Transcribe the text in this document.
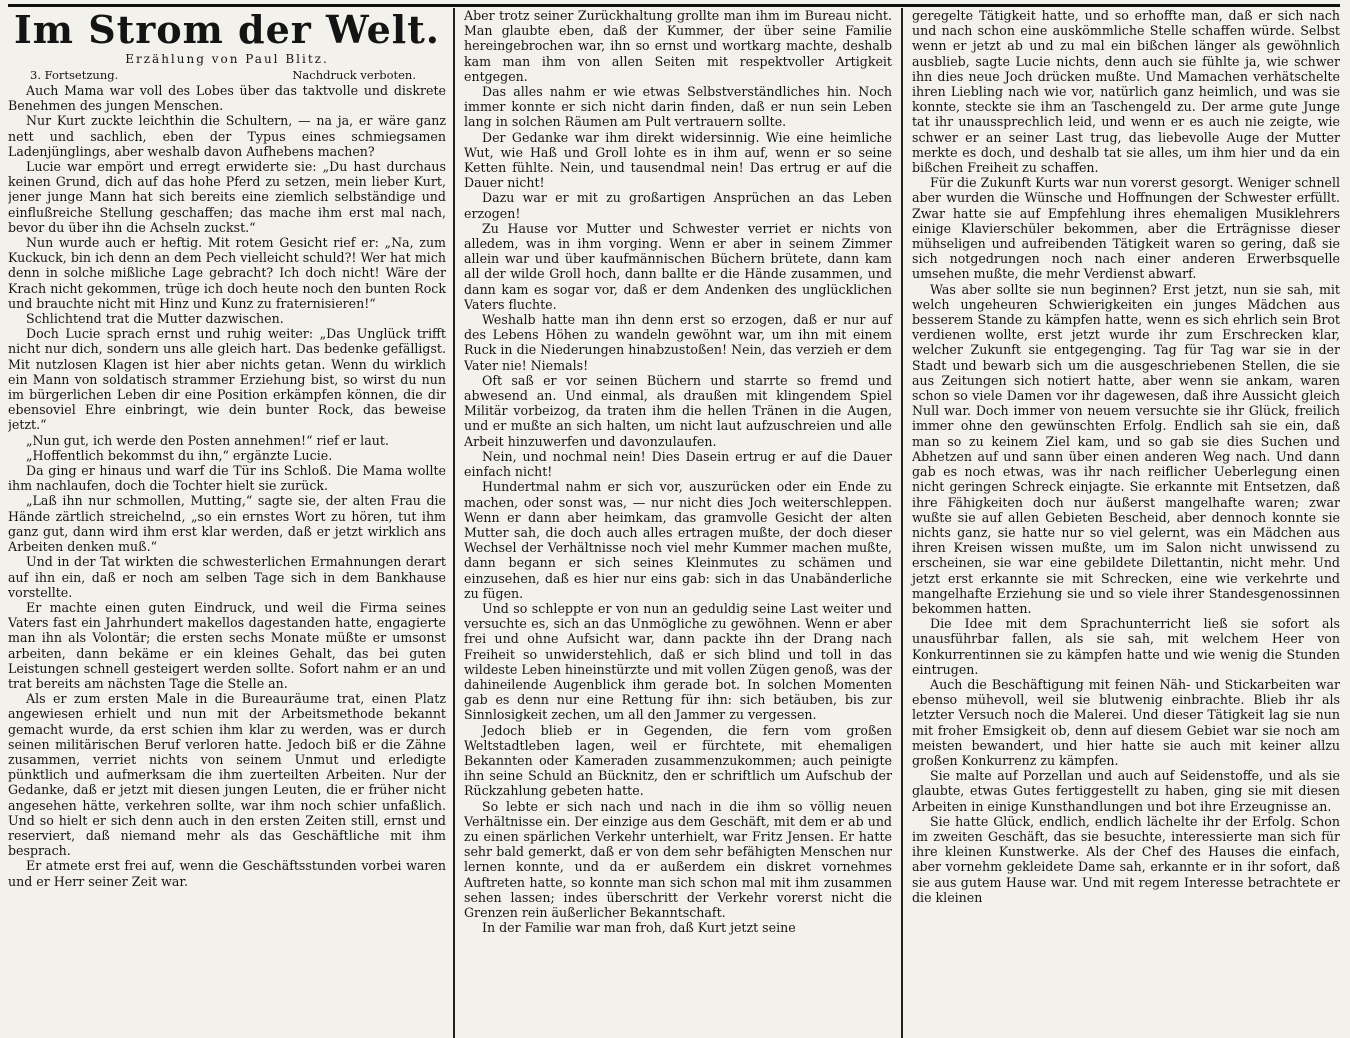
Im Strom der Welt.
Erzählung von Paul Blitz.
3. Fortsetzung.	Nachdruck verboten.

Auch Mama war voll des Lobes über das taktvolle und diskrete Benehmen des jungen Menschen.

Nur Kurt zuckte leichthin die Schultern, — na ja, er wäre ganz nett und sachlich, eben der Typus eines schmiegsamen Ladenjünglings, aber weshalb davon Aufhebens machen?

Lucie war empört und erregt erwiderte sie: „Du hast durchaus keinen Grund, dich auf das hohe Pferd zu setzen, mein lieber Kurt, jener junge Mann hat sich bereits eine ziemlich selbständige und einflußreiche Stellung geschaffen; das mache ihm erst mal nach, bevor du über ihn die Achseln zuckst.“

Nun wurde auch er heftig. Mit rotem Gesicht rief er: „Na, zum Kuckuck, bin ich denn an dem Pech vielleicht schuld?! Wer hat mich denn in solche mißliche Lage gebracht? Ich doch nicht! Wäre der Krach nicht gekommen, trüge ich doch heute noch den bunten Rock und brauchte nicht mit Hinz und Kunz zu fraternisieren!“

Schlichtend trat die Mutter dazwischen.

Doch Lucie sprach ernst und ruhig weiter: „Das Unglück trifft nicht nur dich, sondern uns alle gleich hart. Das bedenke gefälligst. Mit nutzlosen Klagen ist hier aber nichts getan. Wenn du wirklich ein Mann von soldatisch strammer Erziehung bist, so wirst du nun im bürgerlichen Leben dir eine Position erkämpfen können, die dir ebensoviel Ehre einbringt, wie dein bunter Rock, das beweise jetzt.“

„Nun gut, ich werde den Posten annehmen!“ rief er laut.

„Hoffentlich bekommst du ihn,“ ergänzte Lucie.

Da ging er hinaus und warf die Tür ins Schloß. Die Mama wollte ihm nachlaufen, doch die Tochter hielt sie zurück.

„Laß ihn nur schmollen, Mutting,“ sagte sie, der alten Frau die Hände zärtlich streichelnd, „so ein ernstes Wort zu hören, tut ihm ganz gut, dann wird ihm erst klar werden, daß er jetzt wirklich ans Arbeiten denken muß.“

Und in der Tat wirkten die schwesterlichen Ermahnungen derart auf ihn ein, daß er noch am selben Tage sich in dem Bankhause vorstellte.

Er machte einen guten Eindruck, und weil die Firma seines Vaters fast ein Jahrhundert makellos dagestanden hatte, engagierte man ihn als Volontär; die ersten sechs Monate müßte er umsonst arbeiten, dann bekäme er ein kleines Gehalt, das bei guten Leistungen schnell gesteigert werden sollte. Sofort nahm er an und trat bereits am nächsten Tage die Stelle an.

Als er zum ersten Male in die Bureauräume trat, einen Platz angewiesen erhielt und nun mit der Arbeitsmethode bekannt gemacht wurde, da erst schien ihm klar zu werden, was er durch seinen militärischen Beruf verloren hatte. Jedoch biß er die Zähne zusammen, verriet nichts von seinem Unmut und erledigte pünktlich und aufmerksam die ihm zuerteilten Arbeiten. Nur der Gedanke, daß er jetzt mit diesen jungen Leuten, die er früher nicht angesehen hätte, verkehren sollte, war ihm noch schier unfaßlich. Und so hielt er sich denn auch in den ersten Zeiten still, ernst und reserviert, daß niemand mehr als das Geschäftliche mit ihm besprach.

Er atmete erst frei auf, wenn die Geschäftsstunden vorbei waren und er Herr seiner Zeit war.

Aber trotz seiner Zurückhaltung grollte man ihm im Bureau nicht. Man glaubte eben, daß der Kummer, der über seine Familie hereingebrochen war, ihn so ernst und wortkarg machte, deshalb kam man ihm von allen Seiten mit respektvoller Artigkeit entgegen.

Das alles nahm er wie etwas Selbstverständliches hin. Noch immer konnte er sich nicht darin finden, daß er nun sein Leben lang in solchen Räumen am Pult vertrauern sollte.

Der Gedanke war ihm direkt widersinnig. Wie eine heimliche Wut, wie Haß und Groll lohte es in ihm auf, wenn er so seine Ketten fühlte. Nein, und tausendmal nein! Das ertrug er auf die Dauer nicht!

Dazu war er mit zu großartigen Ansprüchen an das Leben erzogen!

Zu Hause vor Mutter und Schwester verriet er nichts von alledem, was in ihm vorging. Wenn er aber in seinem Zimmer allein war und über kaufmännischen Büchern brütete, dann kam all der wilde Groll hoch, dann ballte er die Hände zusammen, und dann kam es sogar vor, daß er dem Andenken des unglücklichen Vaters fluchte.

Weshalb hatte man ihn denn erst so erzogen, daß er nur auf des Lebens Höhen zu wandeln gewöhnt war, um ihn mit einem Ruck in die Niederungen hinabzustoßen! Nein, das verzieh er dem Vater nie! Niemals!

Oft saß er vor seinen Büchern und starrte so fremd und abwesend an. Und einmal, als draußen mit klingendem Spiel Militär vorbeizog, da traten ihm die hellen Tränen in die Augen, und er mußte an sich halten, um nicht laut aufzuschreien und alle Arbeit hinzuwerfen und davonzulaufen.

Nein, und nochmal nein! Dies Dasein ertrug er auf die Dauer einfach nicht!

Hundertmal nahm er sich vor, auszurücken oder ein Ende zu machen, oder sonst was, — nur nicht dies Joch weiterschleppen. Wenn er dann aber heimkam, das gramvolle Gesicht der alten Mutter sah, die doch auch alles ertragen mußte, der doch dieser Wechsel der Verhältnisse noch viel mehr Kummer machen mußte, dann begann er sich seines Kleinmutes zu schämen und einzusehen, daß es hier nur eins gab: sich in das Unabänderliche zu fügen.

Und so schleppte er von nun an geduldig seine Last weiter und versuchte es, sich an das Unmögliche zu gewöhnen. Wenn er aber frei und ohne Aufsicht war, dann packte ihn der Drang nach Freiheit so unwiderstehlich, daß er sich blind und toll in das wildeste Leben hineinstürzte und mit vollen Zügen genoß, was der dahineilende Augenblick ihm gerade bot. In solchen Momenten gab es denn nur eine Rettung für ihn: sich betäuben, bis zur Sinnlosigkeit zechen, um all den Jammer zu vergessen.

Jedoch blieb er in Gegenden, die fern vom großen Weltstadtleben lagen, weil er fürchtete, mit ehemaligen Bekannten oder Kameraden zusammenzukommen; auch peinigte ihn seine Schuld an Bücknitz, den er schriftlich um Aufschub der Rückzahlung gebeten hatte.

So lebte er sich nach und nach in die ihm so völlig neuen Verhältnisse ein. Der einzige aus dem Geschäft, mit dem er ab und zu einen spärlichen Verkehr unterhielt, war Fritz Jensen. Er hatte sehr bald gemerkt, daß er von dem sehr befähigten Menschen nur lernen konnte, und da er außerdem ein diskret vornehmes Auftreten hatte, so konnte man sich schon mal mit ihm zusammen sehen lassen; indes überschritt der Verkehr vorerst nicht die Grenzen rein äußerlicher Bekanntschaft.

In der Familie war man froh, daß Kurt jetzt seine

geregelte Tätigkeit hatte, und so erhoffte man, daß er sich nach und nach schon eine auskömmliche Stelle schaffen würde. Selbst wenn er jetzt ab und zu mal ein bißchen länger als gewöhnlich ausblieb, sagte Lucie nichts, denn auch sie fühlte ja, wie schwer ihn dies neue Joch drücken mußte. Und Mamachen verhätschelte ihren Liebling nach wie vor, natürlich ganz heimlich, und was sie konnte, steckte sie ihm an Taschengeld zu. Der arme gute Junge tat ihr unaussprechlich leid, und wenn er es auch nie zeigte, wie schwer er an seiner Last trug, das liebevolle Auge der Mutter merkte es doch, und deshalb tat sie alles, um ihm hier und da ein bißchen Freiheit zu schaffen.

Für die Zukunft Kurts war nun vorerst gesorgt. Weniger schnell aber wurden die Wünsche und Hoffnungen der Schwester erfüllt. Zwar hatte sie auf Empfehlung ihres ehemaligen Musiklehrers einige Klavierschüler bekommen, aber die Erträgnisse dieser mühseligen und aufreibenden Tätigkeit waren so gering, daß sie sich notgedrungen noch nach einer anderen Erwerbsquelle umsehen mußte, die mehr Verdienst abwarf.

Was aber sollte sie nun beginnen? Erst jetzt, nun sie sah, mit welch ungeheuren Schwierigkeiten ein junges Mädchen aus besserem Stande zu kämpfen hatte, wenn es sich ehrlich sein Brot verdienen wollte, erst jetzt wurde ihr zum Erschrecken klar, welcher Zukunft sie entgegenging. Tag für Tag war sie in der Stadt und bewarb sich um die ausgeschriebenen Stellen, die sie aus Zeitungen sich notiert hatte, aber wenn sie ankam, waren schon so viele Damen vor ihr dagewesen, daß ihre Aussicht gleich Null war. Doch immer von neuem versuchte sie ihr Glück, freilich immer ohne den gewünschten Erfolg. Endlich sah sie ein, daß man so zu keinem Ziel kam, und so gab sie dies Suchen und Abhetzen auf und sann über einen anderen Weg nach. Und dann gab es noch etwas, was ihr nach reiflicher Ueberlegung einen nicht geringen Schreck einjagte. Sie erkannte mit Entsetzen, daß ihre Fähigkeiten doch nur äußerst mangelhafte waren; zwar wußte sie auf allen Gebieten Bescheid, aber dennoch konnte sie nichts ganz, sie hatte nur so viel gelernt, was ein Mädchen aus ihren Kreisen wissen mußte, um im Salon nicht unwissend zu erscheinen, sie war eine gebildete Dilettantin, nicht mehr. Und jetzt erst erkannte sie mit Schrecken, eine wie verkehrte und mangelhafte Erziehung sie und so viele ihrer Standesgenossinnen bekommen hatten.

Die Idee mit dem Sprachunterricht ließ sie sofort als unausführbar fallen, als sie sah, mit welchem Heer von Konkurrentinnen sie zu kämpfen hatte und wie wenig die Stunden eintrugen.

Auch die Beschäftigung mit feinen Näh- und Stickarbeiten war ebenso mühevoll, weil sie blutwenig einbrachte. Blieb ihr als letzter Versuch noch die Malerei. Und dieser Tätigkeit lag sie nun mit froher Emsigkeit ob, denn auf diesem Gebiet war sie noch am meisten bewandert, und hier hatte sie auch mit keiner allzu großen Konkurrenz zu kämpfen.

Sie malte auf Porzellan und auch auf Seidenstoffe, und als sie glaubte, etwas Gutes fertiggestellt zu haben, ging sie mit diesen Arbeiten in einige Kunsthandlungen und bot ihre Erzeugnisse an.

Sie hatte Glück, endlich, endlich lächelte ihr der Erfolg. Schon im zweiten Geschäft, das sie besuchte, interessierte man sich für ihre kleinen Kunstwerke. Als der Chef des Hauses die einfach, aber vornehm gekleidete Dame sah, erkannte er in ihr sofort, daß sie aus gutem Hause war. Und mit regem Interesse betrachtete er die kleinen
